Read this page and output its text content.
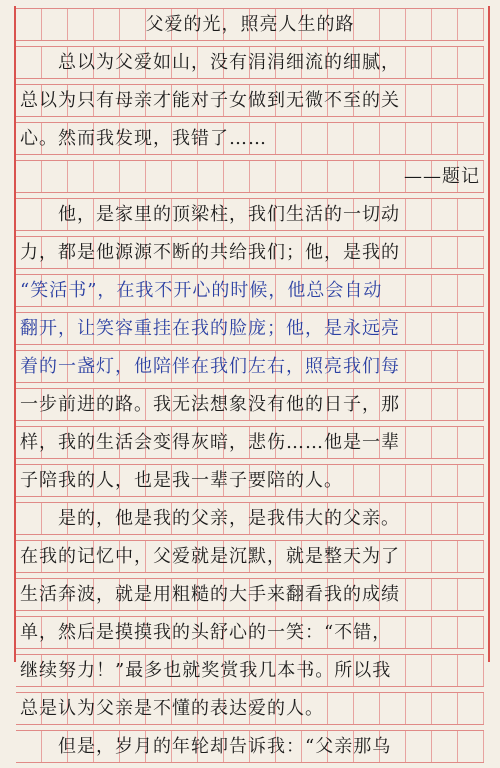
父爱的光，照亮人生的路
　　总以为父爱如山，没有涓涓细流的细腻，
总以为只有母亲才能对子女做到无微不至的关
心。然而我发现，我错了……
——题记
　　他，是家里的顶梁柱，我们生活的一切动
力，都是他源源不断的共给我们；他，是我的
“笑活书”，在我不开心的时候，他总会自动
翻开，让笑容重挂在我的脸庞；他，是永远亮
着的一盏灯，他陪伴在我们左右，照亮我们每
一步前进的路。我无法想象没有他的日子，那
样，我的生活会变得灰暗，悲伤……他是一辈
子陪我的人，也是我一辈子要陪的人。
　　是的，他是我的父亲，是我伟大的父亲。
在我的记忆中，父爱就是沉默，就是整天为了
生活奔波，就是用粗糙的大手来翻看我的成绩
单，然后是摸摸我的头舒心的一笑：“不错，
继续努力！”最多也就奖赏我几本书。所以我
总是认为父亲是不懂的表达爱的人。
　　但是，岁月的年轮却告诉我：“父亲那乌
